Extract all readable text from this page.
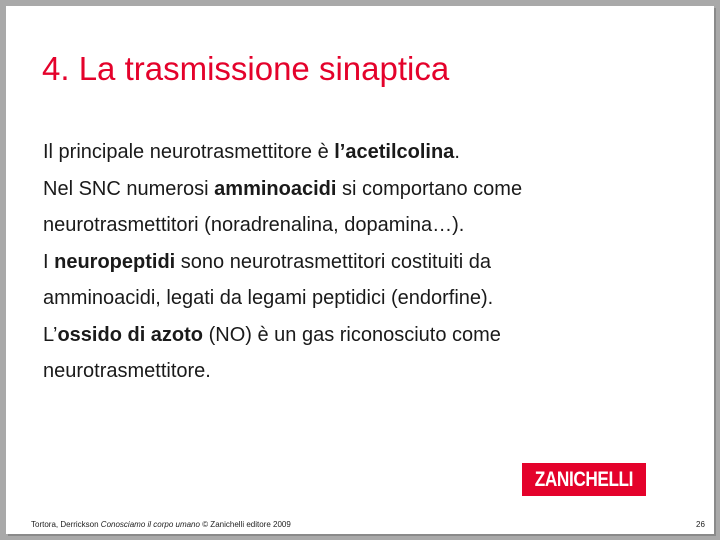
4. La trasmissione sinaptica

Il principale neurotrasmettitore è l’acetilcolina.

Nel SNC numerosi amminoacidi si comportano come

neurotrasmettitori (noradrenalina, dopamina…).

I neuropeptidi sono neurotrasmettitori costituiti da

amminoacidi, legati da legami peptidici (endorfine).

L’ossido di azoto (NO) è un gas riconosciuto come

neurotrasmettitore.

ZANICHELLI
Tortora, Derrickson Conosciamo il corpo umano © Zanichelli editore 2009	26
